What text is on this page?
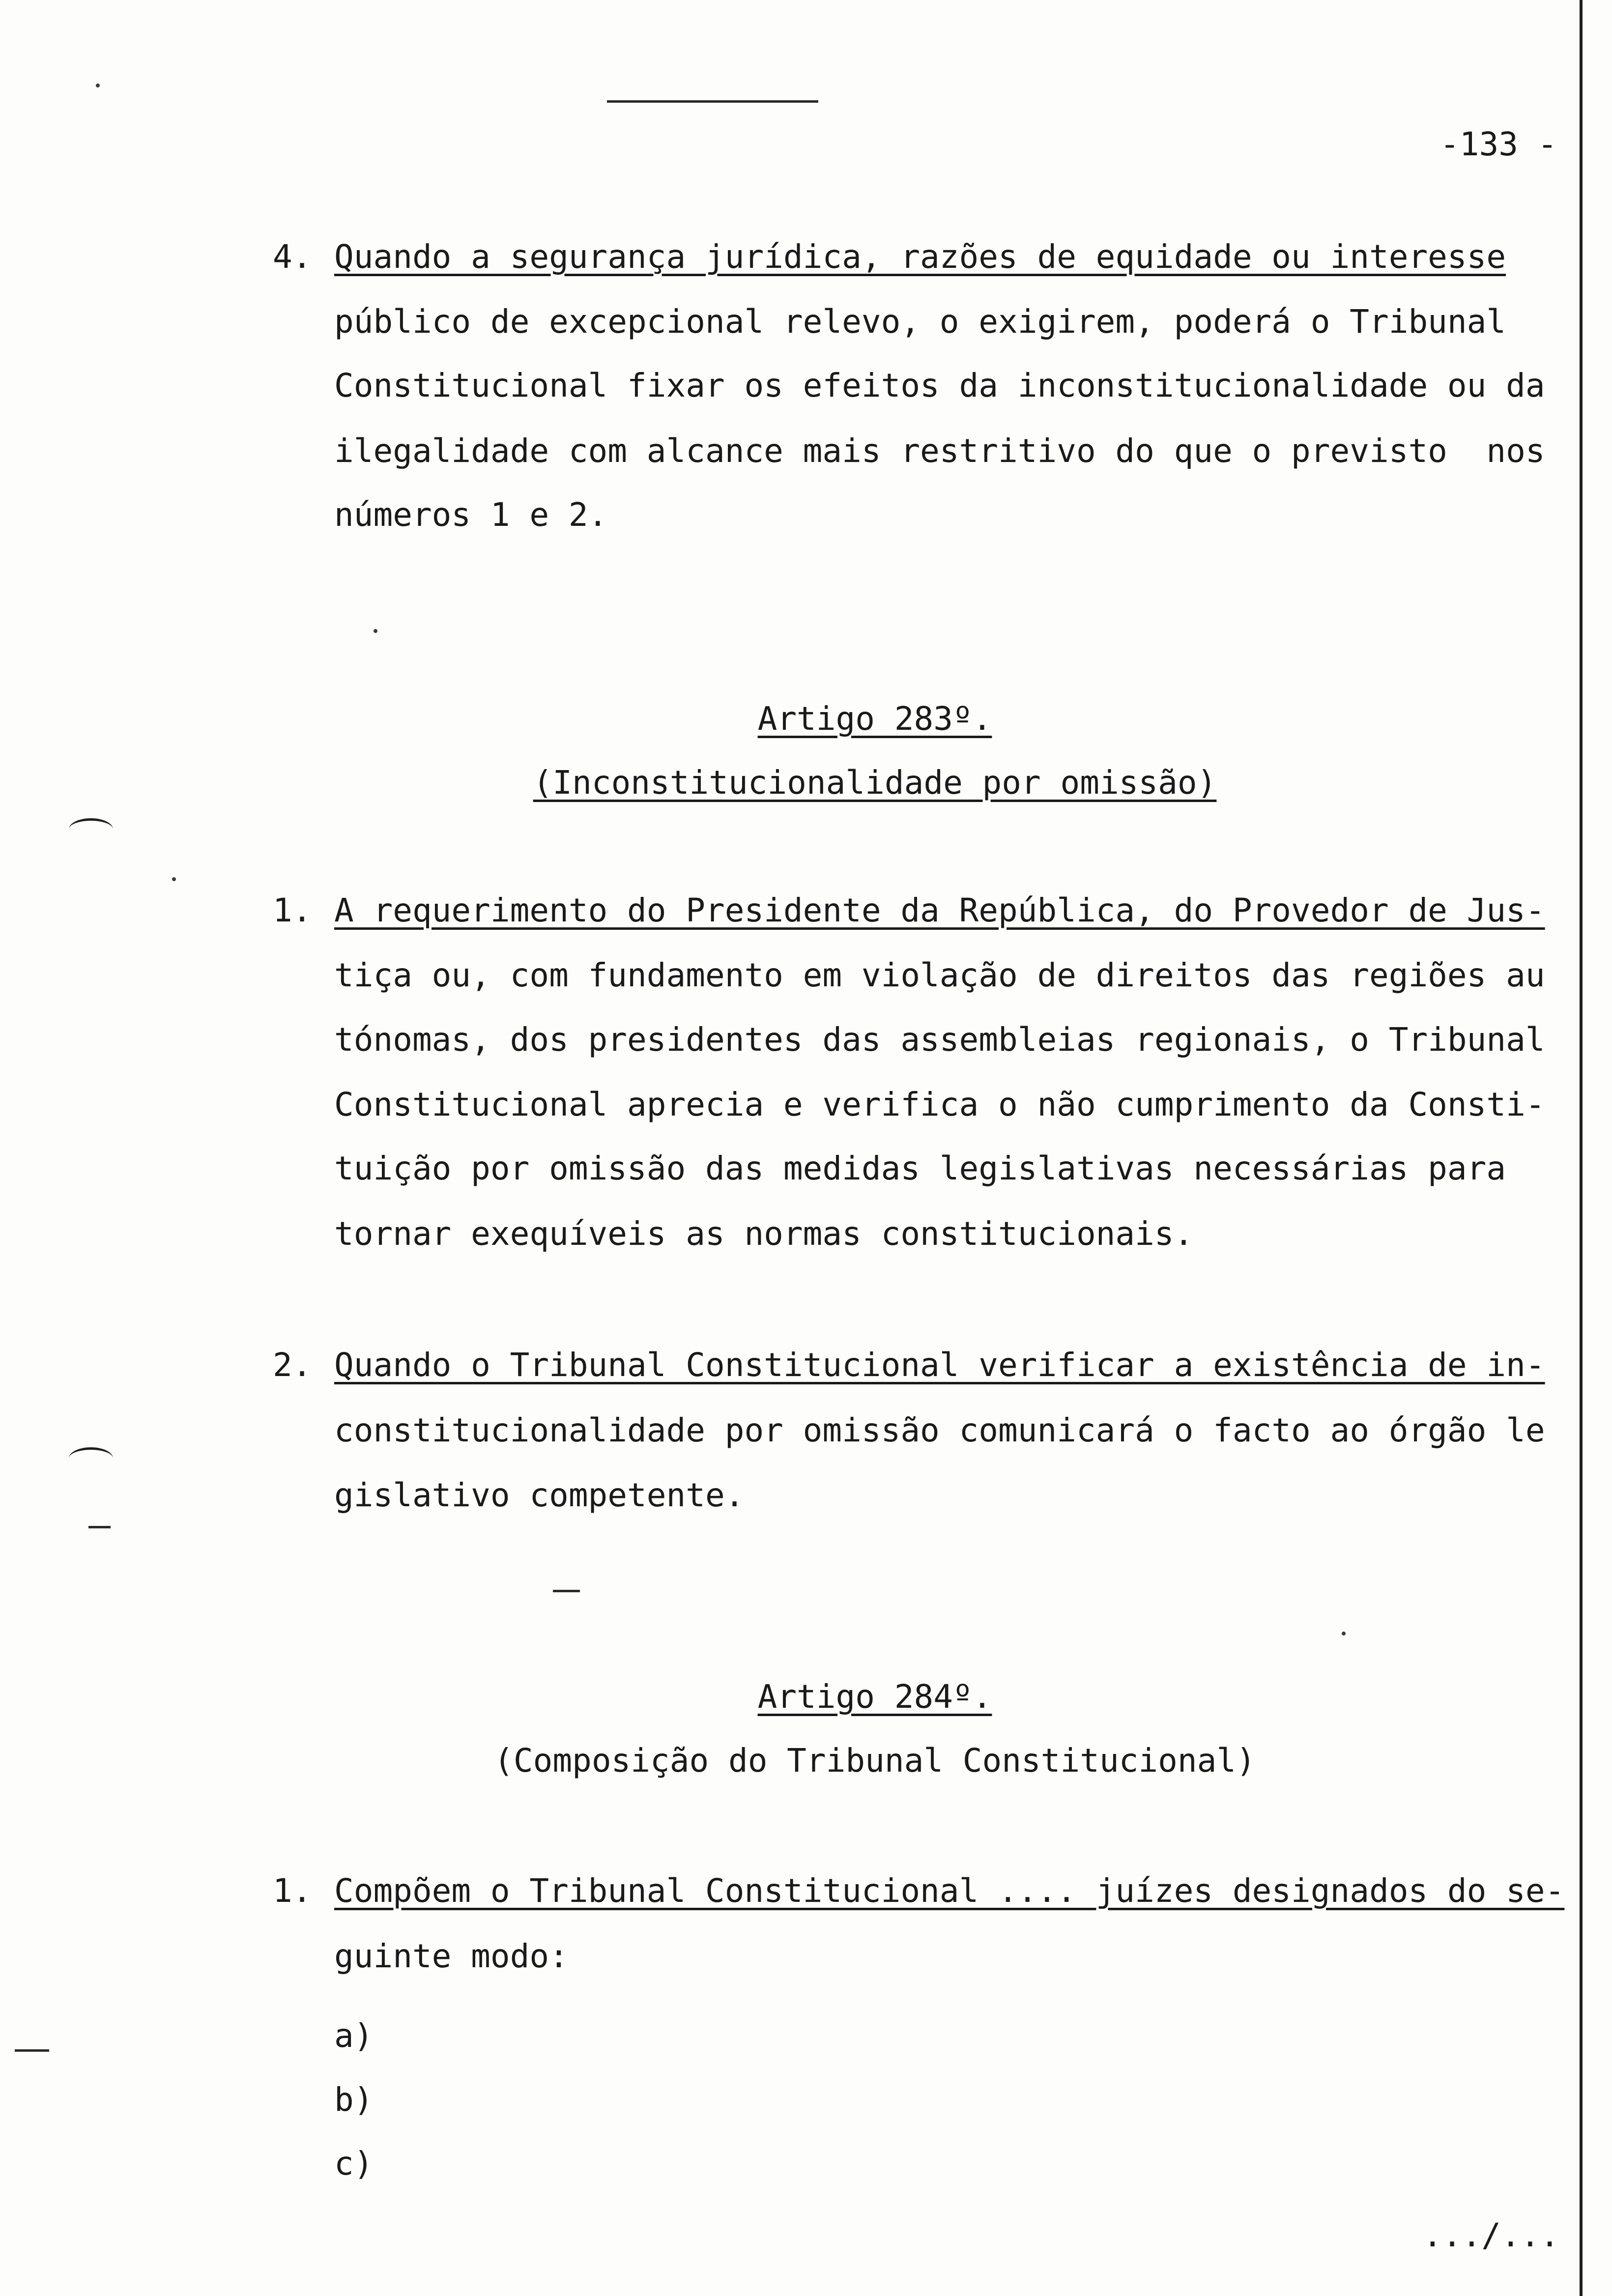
-133 -
4. Quando a segurança jurídica, razões de equidade ou interesse
público de excepcional relevo, o exigirem, poderá o Tribunal
Constitucional fixar os efeitos da inconstitucionalidade ou da
ilegalidade com alcance mais restritivo do que o previsto  nos
números 1 e 2.
Artigo 283º.
(Inconstitucionalidade por omissão)
1. A requerimento do Presidente da República, do Provedor de Jus-
tiça ou, com fundamento em violação de direitos das regiões au
tónomas, dos presidentes das assembleias regionais, o Tribunal
Constitucional aprecia e verifica o não cumprimento da Consti-
tuição por omissão das medidas legislativas necessárias para
tornar exequíveis as normas constitucionais.
2. Quando o Tribunal Constitucional verificar a existência de in-
constitucionalidade por omissão comunicará o facto ao órgão le
gislativo competente.
Artigo 284º.
(Composição do Tribunal Constitucional)
1. Compõem o Tribunal Constitucional .... juízes designados do se-
guinte modo:
a)
b)
c)
.../...
